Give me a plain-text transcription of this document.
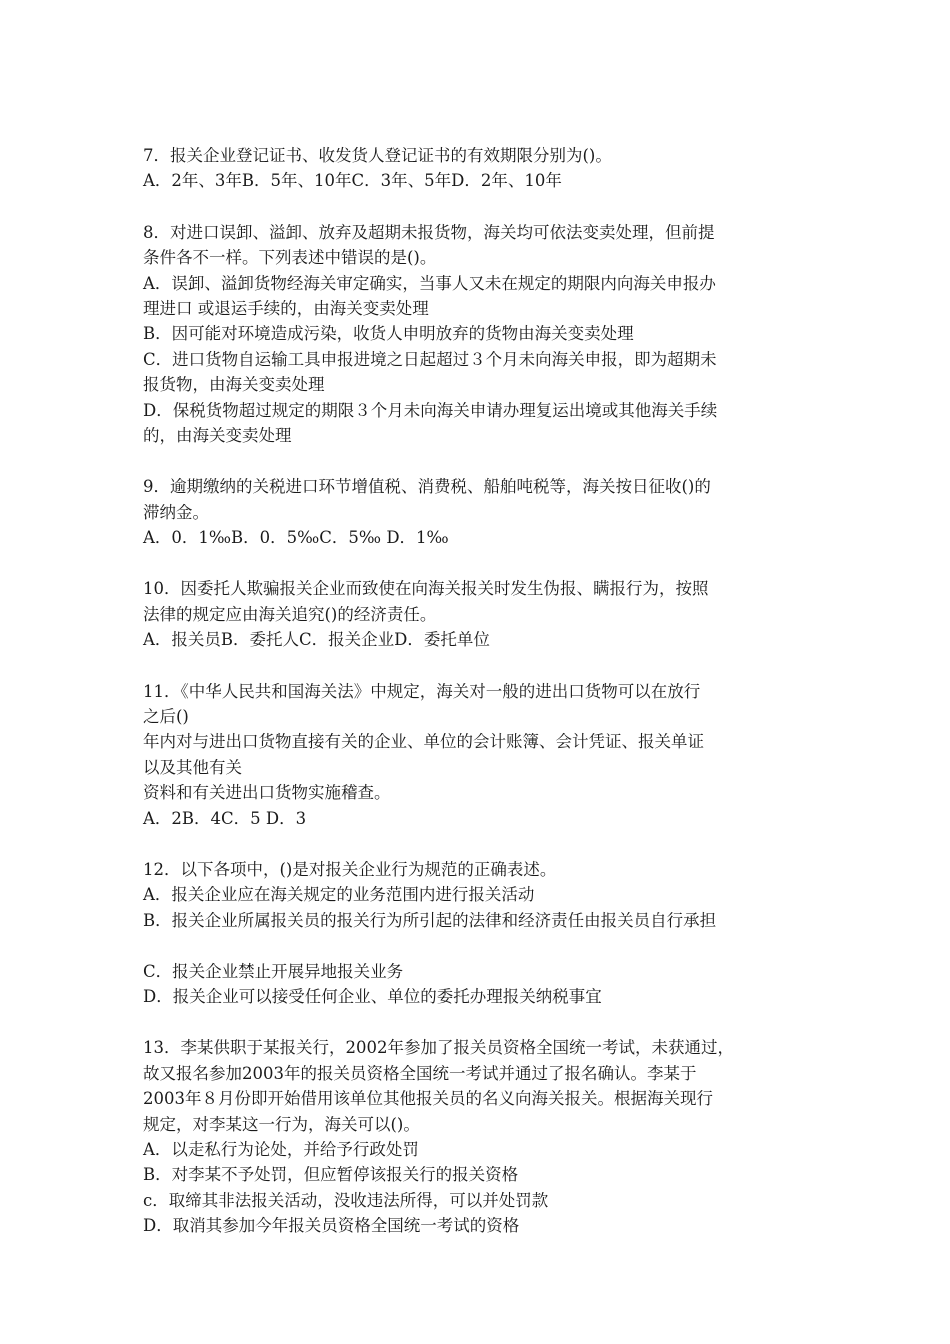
7．报关企业登记证书、收发货人登记证书的有效期限分别为()。
A．2年、3年B．5年、10年C．3年、5年D．2年、10年
8．对进口误卸、溢卸、放弃及超期未报货物，海关均可依法变卖处理，但前提
条件各不一样。下列表述中错误的是()。
A．误卸、溢卸货物经海关审定确实，当事人又未在规定的期限内向海关申报办
理进口 或退运手续的，由海关变卖处理
B．因可能对环境造成污染，收货人申明放弃的货物由海关变卖处理
C．进口货物自运输工具申报进境之日起超过３个月未向海关申报，即为超期未
报货物，由海关变卖处理
D．保税货物超过规定的期限３个月未向海关申请办理复运出境或其他海关手续
的，由海关变卖处理
9．逾期缴纳的关税进口环节增值税、消费税、船舶吨税等，海关按日征收()的
滞纳金。
A．0．1‰B．0．5‰C．5‰ D．1‰
10．因委托人欺骗报关企业而致使在向海关报关时发生伪报、瞒报行为，按照
法律的规定应由海关追究()的经济责任。
A．报关员B．委托人C．报关企业D．委托单位
11．《中华人民共和国海关法》中规定，海关对一般的进出口货物可以在放行
之后()
年内对与进出口货物直接有关的企业、单位的会计账簿、会计凭证、报关单证
以及其他有关
资料和有关进出口货物实施稽查。
A．2B．4C．5 D．3
12．以下各项中，()是对报关企业行为规范的正确表述。
A．报关企业应在海关规定的业务范围内进行报关活动
B．报关企业所属报关员的报关行为所引起的法律和经济责任由报关员自行承担
C．报关企业禁止开展异地报关业务
D．报关企业可以接受任何企业、单位的委托办理报关纳税事宜
13．李某供职于某报关行，2002年参加了报关员资格全国统一考试，未获通过，
故又报名参加2003年的报关员资格全国统一考试并通过了报名确认。李某于
2003年８月份即开始借用该单位其他报关员的名义向海关报关。根据海关现行
规定，对李某这一行为，海关可以()。
A．以走私行为论处，并给予行政处罚
B．对李某不予处罚，但应暂停该报关行的报关资格
c．取缔其非法报关活动，没收违法所得，可以并处罚款
D．取消其参加今年报关员资格全国统一考试的资格
